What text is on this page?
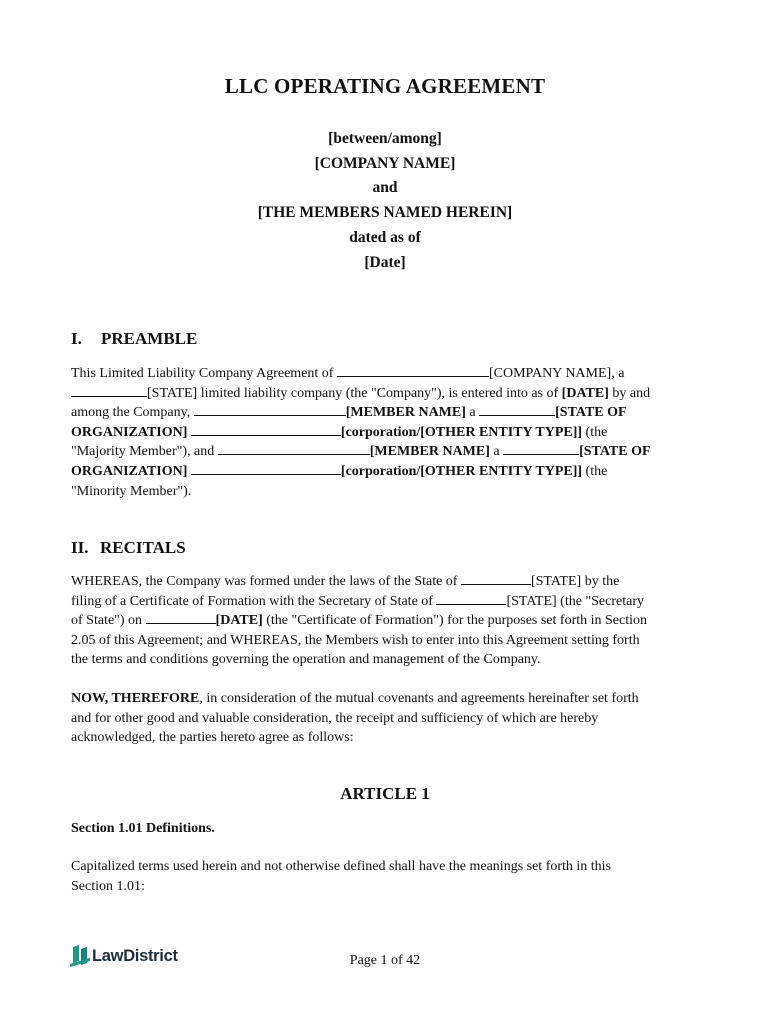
LLC OPERATING AGREEMENT
[between/among]
[COMPANY NAME]
and
[THE MEMBERS NAMED HEREIN]
dated as of
[Date]
I. PREAMBLE
This Limited Liability Company Agreement of	[COMPANY NAME], a
[STATE] limited liability company (the "Company"), is entered into as of [DATE] by and
among the Company,	[MEMBER NAME] a	[STATE OF
ORGANIZATION]	[corporation/[OTHER ENTITY TYPE]] (the
"Majority Member"), and	[MEMBER NAME] a	[STATE OF
ORGANIZATION]	[corporation/[OTHER ENTITY TYPE]] (the
"Minority Member").
II. RECITALS
WHEREAS, the Company was formed under the laws of the State of	[STATE] by the
filing of a Certificate of Formation with the Secretary of State of	[STATE] (the "Secretary
of State") on	[DATE] (the "Certificate of Formation") for the purposes set forth in Section
2.05 of this Agreement; and WHEREAS, the Members wish to enter into this Agreement setting forth
the terms and conditions governing the operation and management of the Company.
NOW, THEREFORE, in consideration of the mutual covenants and agreements hereinafter set forth
and for other good and valuable consideration, the receipt and sufficiency of which are hereby
acknowledged, the parties hereto agree as follows:
ARTICLE 1
Section 1.01 Definitions.
Capitalized terms used herein and not otherwise defined shall have the meanings set forth in this
Section 1.01:
LawDistrict	Page 1 of 42
